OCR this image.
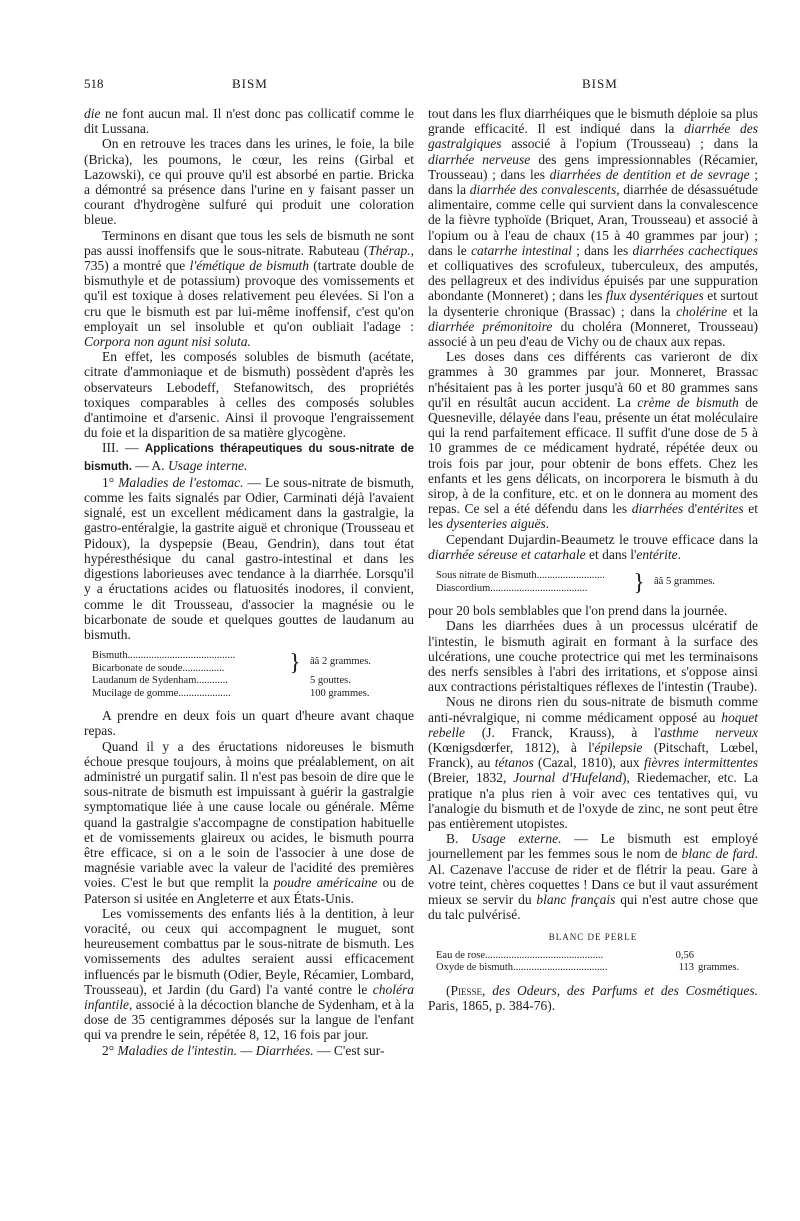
518	BISM	BISM

die ne font aucun mal. Il n'est donc pas collicatif comme le dit Lussana.

On en retrouve les traces dans les urines, le foie, la bile (Bricka), les poumons, le cœur, les reins (Girbal et Lazowski), ce qui prouve qu'il est absorbé en partie. Bricka a démontré sa présence dans l'urine en y faisant passer un courant d'hydrogène sulfuré qui produit une coloration bleue.

Terminons en disant que tous les sels de bismuth ne sont pas aussi inoffensifs que le sous-nitrate. Rabuteau (Thérap., 735) a montré que l'émétique de bismuth (tartrate double de bismuthyle et de potassium) provoque des vomissements et qu'il est toxique à doses relativement peu élevées. Si l'on a cru que le bismuth est par lui-même inoffensif, c'est qu'on employait un sel insoluble et qu'on oubliait l'adage : Corpora non agunt nisi soluta.

En effet, les composés solubles de bismuth (acétate, citrate d'ammoniaque et de bismuth) possèdent d'après les observateurs Lebodeff, Stefanowitsch, des propriétés toxiques comparables à celles des composés solubles d'antimoine et d'arsenic. Ainsi il provoque l'engraissement du foie et la disparition de sa matière glycogène.

III. — Applications thérapeutiques du sous-nitrate de bismuth. — A. Usage interne.

1° Maladies de l'estomac. — Le sous-nitrate de bismuth, comme les faits signalés par Odier, Carminati déjà l'avaient signalé, est un excellent médicament dans la gastralgie, la gastro-entéralgie, la gastrite aiguë et chronique (Trousseau et Pidoux), la dyspepsie (Beau, Gendrin), dans tout état hypéresthésique du canal gastro-intestinal et dans les digestions laborieuses avec tendance à la diarrhée. Lorsqu'il y a éructations acides ou flatuosités inodores, il convient, comme le dit Trousseau, d'associer la magnésie ou le bicarbonate de soude et quelques gouttes de laudanum au bismuth.

Bismuth.........................................	} ââ 2 grammes.
Bicarbonate de soude................
Laudanum de Sydenham............	5 gouttes.
Mucilage de gomme....................	100 grammes.

A prendre en deux fois un quart d'heure avant chaque repas.

Quand il y a des éructations nidoreuses le bismuth échoue presque toujours, à moins que préalablement, on ait administré un purgatif salin. Il n'est pas besoin de dire que le sous-nitrate de bismuth est impuissant à guérir la gastralgie symptomatique liée à une cause locale ou générale. Même quand la gastralgie s'accompagne de constipation habituelle et de vomissements glaireux ou acides, le bismuth pourra être efficace, si on a le soin de l'associer à une dose de magnésie variable avec la valeur de l'acidité des premières voies. C'est le but que remplit la poudre américaine ou de Paterson si usitée en Angleterre et aux États-Unis.

Les vomissements des enfants liés à la dentition, à leur voracité, ou ceux qui accompagnent le muguet, sont heureusement combattus par le sous-nitrate de bismuth. Les vomissements des adultes seraient aussi efficacement influencés par le bismuth (Odier, Beyle, Récamier, Lombard, Trousseau), et Jardin (du Gard) l'a vanté contre le choléra infantile, associé à la décoction blanche de Sydenham, et à la dose de 35 centigrammes déposés sur la langue de l'enfant qui va prendre le sein, répétée 8, 12, 16 fois par jour.

2° Maladies de l'intestin. — Diarrhées. — C'est sur-

tout dans les flux diarrhéiques que le bismuth déploie sa plus grande efficacité. Il est indiqué dans la diarrhée des gastralgiques associé à l'opium (Trousseau) ; dans la diarrhée nerveuse des gens impressionnables (Récamier, Trousseau) ; dans les diarrhées de dentition et de sevrage ; dans la diarrhée des convalescents, diarrhée de désassuétude alimentaire, comme celle qui survient dans la convalescence de la fièvre typhoïde (Briquet, Aran, Trousseau) et associé à l'opium ou à l'eau de chaux (15 à 40 grammes par jour) ; dans le catarrhe intestinal ; dans les diarrhées cachectiques et colliquatives des scrofuleux, tuberculeux, des amputés, des pellagreux et des individus épuisés par une suppuration abondante (Monneret) ; dans les flux dysentériques et surtout la dysenterie chronique (Brassac) ; dans la cholérine et la diarrhée prémonitoire du choléra (Monneret, Trousseau) associé à un peu d'eau de Vichy ou de chaux aux repas.

Les doses dans ces différents cas varieront de dix grammes à 30 grammes par jour. Monneret, Brassac n'hésitaient pas à les porter jusqu'à 60 et 80 grammes sans qu'il en résultât aucun accident. La crème de bismuth de Quesneville, délayée dans l'eau, présente un état moléculaire qui la rend parfaitement efficace. Il suffit d'une dose de 5 à 10 grammes de ce médicament hydraté, répétée deux ou trois fois par jour, pour obtenir de bons effets. Chez les enfants et les gens délicats, on incorporera le bismuth à du sirop, à de la confiture, etc. et on le donnera au moment des repas. Ce sel a été défendu dans les diarrhées d'entérites et les dysenteries aiguës.

Cependant Dujardin-Beaumetz le trouve efficace dans la diarrhée séreuse et catarhale et dans l'entérite.

Sous nitrate de Bismuth..........................	} ââ 5 grammes.
Diascordium.....................................

pour 20 bols semblables que l'on prend dans la journée.

Dans les diarrhées dues à un processus ulcératif de l'intestin, le bismuth agirait en formant à la surface des ulcérations, une couche protectrice qui met les terminaisons des nerfs sensibles à l'abri des irritations, et s'oppose ainsi aux contractions péristaltiques réflexes de l'intestin (Traube).

Nous ne dirons rien du sous-nitrate de bismuth comme anti-névralgique, ni comme médicament opposé au hoquet rebelle (J. Franck, Krauss), à l'asthme nerveux (Kœnigsdœrfer, 1812), à l'épilepsie (Pitschaft, Lœbel, Franck), au tétanos (Cazal, 1810), aux fièvres intermittentes (Breier, 1832, Journal d'Hufeland), Riedemacher, etc. La pratique n'a plus rien à voir avec ces tentatives qui, vu l'analogie du bismuth et de l'oxyde de zinc, ne sont peut être pas entièrement utopistes.

B. Usage externe. — Le bismuth est employé journellement par les femmes sous le nom de blanc de fard. Al. Cazenave l'accuse de rider et de flétrir la peau. Gare à votre teint, chères coquettes ! Dans ce but il vaut assurément mieux se servir du blanc français qui n'est autre chose que du talc pulvérisé.

BLANC DE PERLE
Eau de rose.............................................	0,56
Oxyde de bismuth....................................	113 grammes.

(Piesse, des Odeurs, des Parfums et des Cosmétiques. Paris, 1865, p. 384-76).
